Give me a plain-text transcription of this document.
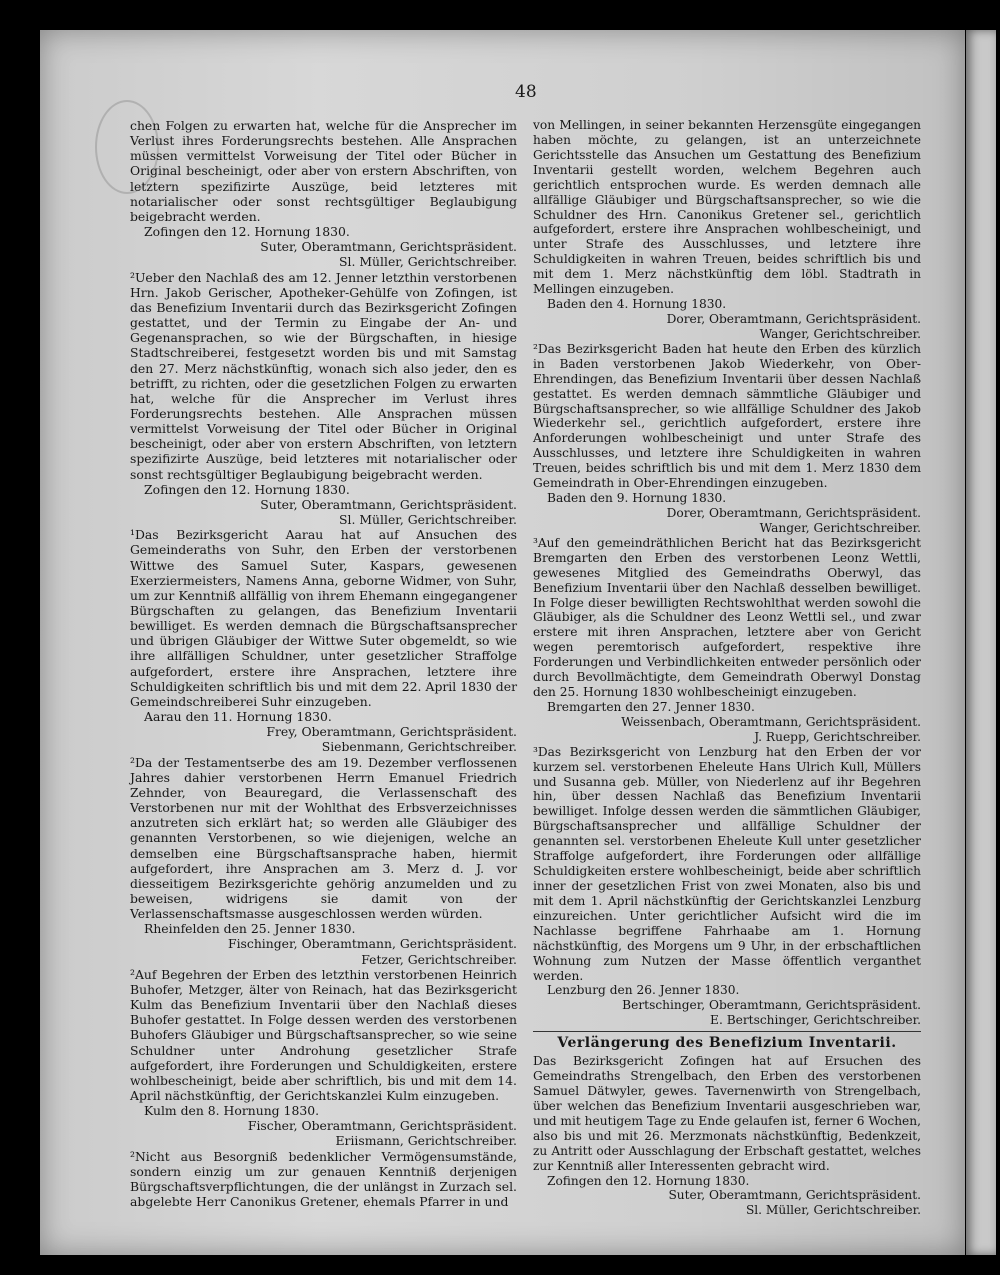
48

chen Folgen zu erwarten hat, welche für die Ansprecher im Verlust ihres Forderungsrechts bestehen. Alle Ansprachen müssen vermittelst Vorweisung der Titel oder Bücher in Original bescheinigt, oder aber von erstern Abschriften, von letztern spezifizirte Auszüge, beid letzteres mit notarialischer oder sonst rechtsgültiger Beglaubigung beigebracht werden.

Zofingen den 12. Hornung 1830.

Suter, Oberamtmann, Gerichtspräsident.

Sl. Müller, Gerichtschreiber.

²Ueber den Nachlaß des am 12. Jenner letzthin verstorbenen Hrn. Jakob Gerischer, Apotheker-Gehülfe von Zofingen, ist das Benefizium Inventarii durch das Bezirksgericht Zofingen gestattet, und der Termin zu Eingabe der An- und Gegenansprachen, so wie der Bürgschaften, in hiesige Stadtschreiberei, festgesetzt worden bis und mit Samstag den 27. Merz nächstkünftig, wonach sich also jeder, den es betrifft, zu richten, oder die gesetzlichen Folgen zu erwarten hat, welche für die Ansprecher im Verlust ihres Forderungsrechts bestehen. Alle Ansprachen müssen vermittelst Vorweisung der Titel oder Bücher in Original bescheinigt, oder aber von erstern Abschriften, von letztern spezifizirte Auszüge, beid letzteres mit notarialischer oder sonst rechtsgültiger Beglaubigung beigebracht werden.

Zofingen den 12. Hornung 1830.

Suter, Oberamtmann, Gerichtspräsident.

Sl. Müller, Gerichtschreiber.

¹Das Bezirksgericht Aarau hat auf Ansuchen des Gemeinderaths von Suhr, den Erben der verstorbenen Wittwe des Samuel Suter, Kaspars, gewesenen Exerziermeisters, Namens Anna, geborne Widmer, von Suhr, um zur Kenntniß allfällig von ihrem Ehemann eingegangener Bürgschaften zu gelangen, das Benefizium Inventarii bewilliget. Es werden demnach die Bürgschaftsansprecher und übrigen Gläubiger der Wittwe Suter obgemeldt, so wie ihre allfälligen Schuldner, unter gesetzlicher Straffolge aufgefordert, erstere ihre Ansprachen, letztere ihre Schuldigkeiten schriftlich bis und mit dem 22. April 1830 der Gemeindschreiberei Suhr einzugeben.

Aarau den 11. Hornung 1830.

Frey, Oberamtmann, Gerichtspräsident.

Siebenmann, Gerichtschreiber.

²Da der Testamentserbe des am 19. Dezember verflossenen Jahres dahier verstorbenen Herrn Emanuel Friedrich Zehnder, von Beauregard, die Verlassenschaft des Verstorbenen nur mit der Wohlthat des Erbsverzeichnisses anzutreten sich erklärt hat; so werden alle Gläubiger des genannten Verstorbenen, so wie diejenigen, welche an demselben eine Bürgschaftsansprache haben, hiermit aufgefordert, ihre Ansprachen am 3. Merz d. J. vor diesseitigem Bezirksgerichte gehörig anzumelden und zu beweisen, widrigens sie damit von der Verlassenschaftsmasse ausgeschlossen werden würden.

Rheinfelden den 25. Jenner 1830.

Fischinger, Oberamtmann, Gerichtspräsident.

Fetzer, Gerichtschreiber.

²Auf Begehren der Erben des letzthin verstorbenen Heinrich Buhofer, Metzger, älter von Reinach, hat das Bezirksgericht Kulm das Benefizium Inventarii über den Nachlaß dieses Buhofer gestattet. In Folge dessen werden des verstorbenen Buhofers Gläubiger und Bürgschaftsansprecher, so wie seine Schuldner unter Androhung gesetzlicher Strafe aufgefordert, ihre Forderungen und Schuldigkeiten, erstere wohlbescheinigt, beide aber schriftlich, bis und mit dem 14. April nächstkünftig, der Gerichtskanzlei Kulm einzugeben.

Kulm den 8. Hornung 1830.

Fischer, Oberamtmann, Gerichtspräsident.

Eriismann, Gerichtschreiber.

²Nicht aus Besorgniß bedenklicher Vermögensumstände, sondern einzig um zur genauen Kenntniß derjenigen Bürgschaftsverpflichtungen, die der unlängst in Zurzach sel. abgelebte Herr Canonikus Gretener, ehemals Pfarrer in und

von Mellingen, in seiner bekannten Herzensgüte eingegangen haben möchte, zu gelangen, ist an unterzeichnete Gerichtsstelle das Ansuchen um Gestattung des Benefizium Inventarii gestellt worden, welchem Begehren auch gerichtlich entsprochen wurde. Es werden demnach alle allfällige Gläubiger und Bürgschaftsansprecher, so wie die Schuldner des Hrn. Canonikus Gretener sel., gerichtlich aufgefordert, erstere ihre Ansprachen wohlbescheinigt, und unter Strafe des Ausschlusses, und letztere ihre Schuldigkeiten in wahren Treuen, beides schriftlich bis und mit dem 1. Merz nächstkünftig dem löbl. Stadtrath in Mellingen einzugeben.

Baden den 4. Hornung 1830.

Dorer, Oberamtmann, Gerichtspräsident.

Wanger, Gerichtschreiber.

²Das Bezirksgericht Baden hat heute den Erben des kürzlich in Baden verstorbenen Jakob Wiederkehr, von Ober-Ehrendingen, das Benefizium Inventarii über dessen Nachlaß gestattet. Es werden demnach sämmtliche Gläubiger und Bürgschaftsansprecher, so wie allfällige Schuldner des Jakob Wiederkehr sel., gerichtlich aufgefordert, erstere ihre Anforderungen wohlbescheinigt und unter Strafe des Ausschlusses, und letztere ihre Schuldigkeiten in wahren Treuen, beides schriftlich bis und mit dem 1. Merz 1830 dem Gemeindrath in Ober-Ehrendingen einzugeben.

Baden den 9. Hornung 1830.

Dorer, Oberamtmann, Gerichtspräsident.

Wanger, Gerichtschreiber.

³Auf den gemeindräthlichen Bericht hat das Bezirksgericht Bremgarten den Erben des verstorbenen Leonz Wettli, gewesenes Mitglied des Gemeindraths Oberwyl, das Benefizium Inventarii über den Nachlaß desselben bewilliget. In Folge dieser bewilligten Rechtswohlthat werden sowohl die Gläubiger, als die Schuldner des Leonz Wettli sel., und zwar erstere mit ihren Ansprachen, letztere aber von Gericht wegen peremtorisch aufgefordert, respektive ihre Forderungen und Verbindlichkeiten entweder persönlich oder durch Bevollmächtigte, dem Gemeindrath Oberwyl Donstag den 25. Hornung 1830 wohlbescheinigt einzugeben.

Bremgarten den 27. Jenner 1830.

Weissenbach, Oberamtmann, Gerichtspräsident.

J. Ruepp, Gerichtschreiber.

³Das Bezirksgericht von Lenzburg hat den Erben der vor kurzem sel. verstorbenen Eheleute Hans Ulrich Kull, Müllers und Susanna geb. Müller, von Niederlenz auf ihr Begehren hin, über dessen Nachlaß das Benefizium Inventarii bewilliget. Infolge dessen werden die sämmtlichen Gläubiger, Bürgschaftsansprecher und allfällige Schuldner der genannten sel. verstorbenen Eheleute Kull unter gesetzlicher Straffolge aufgefordert, ihre Forderungen oder allfällige Schuldigkeiten erstere wohlbescheinigt, beide aber schriftlich inner der gesetzlichen Frist von zwei Monaten, also bis und mit dem 1. April nächstkünftig der Gerichtskanzlei Lenzburg einzureichen. Unter gerichtlicher Aufsicht wird die im Nachlasse begriffene Fahrhaabe am 1. Hornung nächstkünftig, des Morgens um 9 Uhr, in der erbschaftlichen Wohnung zum Nutzen der Masse öffentlich verganthet werden.

Lenzburg den 26. Jenner 1830.

Bertschinger, Oberamtmann, Gerichtspräsident.

E. Bertschinger, Gerichtschreiber.

Verlängerung des Benefizium Inventarii.

Das Bezirksgericht Zofingen hat auf Ersuchen des Gemeindraths Strengelbach, den Erben des verstorbenen Samuel Dätwyler, gewes. Tavernenwirth von Strengelbach, über welchen das Benefizium Inventarii ausgeschrieben war, und mit heutigem Tage zu Ende gelaufen ist, ferner 6 Wochen, also bis und mit 26. Merzmonats nächstkünftig, Bedenkzeit, zu Antritt oder Ausschlagung der Erbschaft gestattet, welches zur Kenntniß aller Interessenten gebracht wird.

Zofingen den 12. Hornung 1830.

Suter, Oberamtmann, Gerichtspräsident.

Sl. Müller, Gerichtschreiber.
